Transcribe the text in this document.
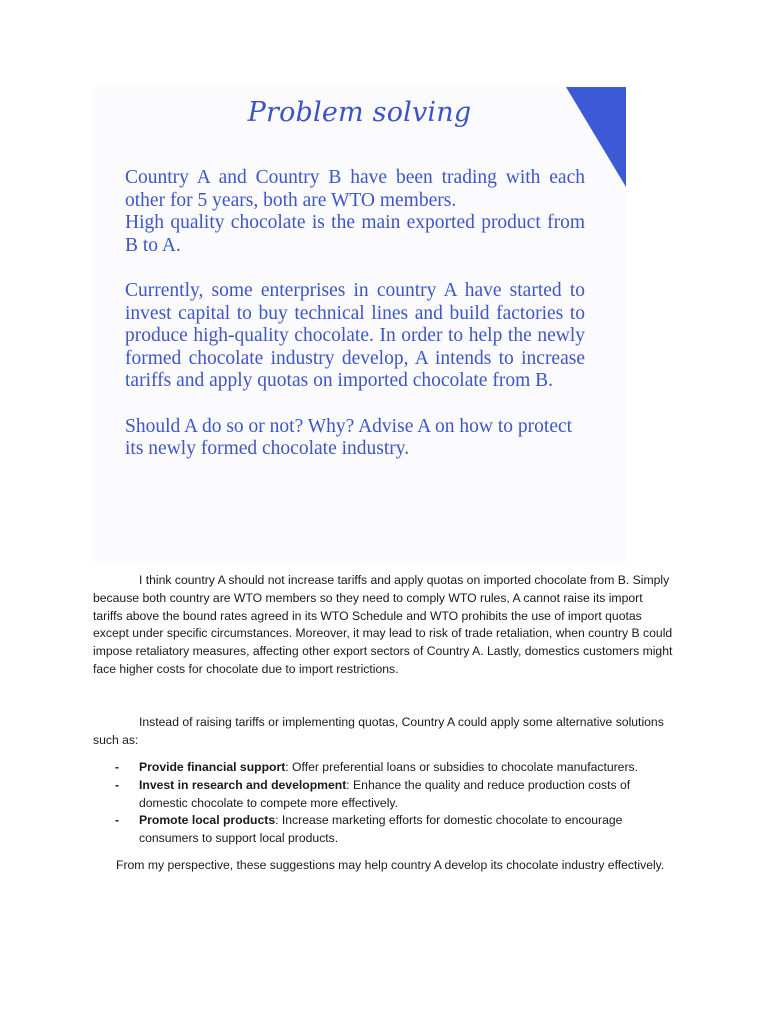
Problem solving

Country A and Country B have been trading with each other for 5 years, both are WTO members.

High quality chocolate is the main exported product from B to A.

Currently, some enterprises in country A have started to invest capital to buy technical lines and build factories to produce high-quality chocolate. In order to help the newly formed chocolate industry develop, A intends to increase tariffs and apply quotas on imported chocolate from B.

Should A do so or not? Why? Advise A on how to protect its newly formed chocolate industry.

I think country A should not increase tariffs and apply quotas on imported chocolate from B. Simply because both country are WTO members so they need to comply WTO rules, A cannot raise its import tariffs above the bound rates agreed in its WTO Schedule and WTO prohibits the use of import quotas except under specific circumstances. Moreover, it may lead to risk of trade retaliation, when country B could impose retaliatory measures, affecting other export sectors of Country A. Lastly, domestics customers might face higher costs for chocolate due to import restrictions.

Instead of raising tariffs or implementing quotas, Country A could apply some alternative solutions such as:

- Provide financial support: Offer preferential loans or subsidies to chocolate manufacturers.
- Invest in research and development: Enhance the quality and reduce production costs of domestic chocolate to compete more effectively.
- Promote local products: Increase marketing efforts for domestic chocolate to encourage consumers to support local products.

From my perspective, these suggestions may help country A develop its chocolate industry effectively.
